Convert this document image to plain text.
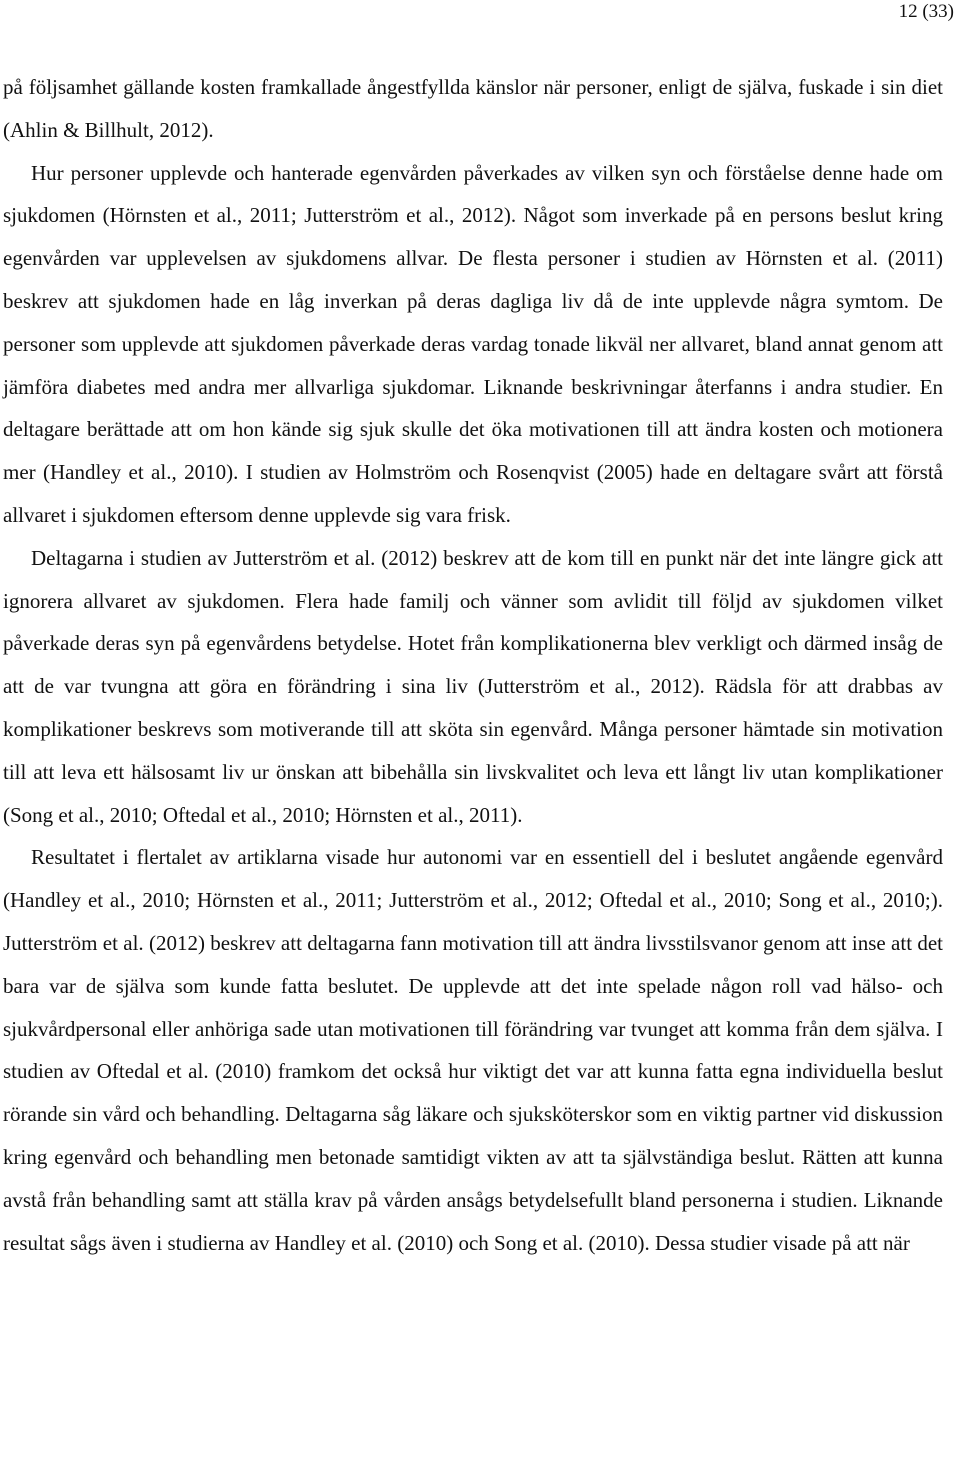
12 (33)

på följsamhet gällande kosten framkallade ångestfyllda känslor när personer, enligt de själva, fuskade i sin diet (Ahlin & Billhult, 2012).

Hur personer upplevde och hanterade egenvården påverkades av vilken syn och förståelse denne hade om sjukdomen (Hörnsten et al., 2011; Jutterström et al., 2012). Något som inverkade på en persons beslut kring egenvården var upplevelsen av sjukdomens allvar. De flesta personer i studien av Hörnsten et al. (2011) beskrev att sjukdomen hade en låg inverkan på deras dagliga liv då de inte upplevde några symtom. De personer som upplevde att sjukdomen påverkade deras vardag tonade likväl ner allvaret, bland annat genom att jämföra diabetes med andra mer allvarliga sjukdomar. Liknande beskrivningar återfanns i andra studier. En deltagare berättade att om hon kände sig sjuk skulle det öka motivationen till att ändra kosten och motionera mer (Handley et al., 2010). I studien av Holmström och Rosenqvist (2005) hade en deltagare svårt att förstå allvaret i sjukdomen eftersom denne upplevde sig vara frisk.

Deltagarna i studien av Jutterström et al. (2012) beskrev att de kom till en punkt när det inte längre gick att ignorera allvaret av sjukdomen. Flera hade familj och vänner som avlidit till följd av sjukdomen vilket påverkade deras syn på egenvårdens betydelse. Hotet från komplikationerna blev verkligt och därmed insåg de att de var tvungna att göra en förändring i sina liv (Jutterström et al., 2012). Rädsla för att drabbas av komplikationer beskrevs som motiverande till att sköta sin egenvård. Många personer hämtade sin motivation till att leva ett hälsosamt liv ur önskan att bibehålla sin livskvalitet och leva ett långt liv utan komplikationer (Song et al., 2010; Oftedal et al., 2010; Hörnsten et al., 2011).

Resultatet i flertalet av artiklarna visade hur autonomi var en essentiell del i beslutet angående egenvård (Handley et al., 2010; Hörnsten et al., 2011; Jutterström et al., 2012; Oftedal et al., 2010; Song et al., 2010;). Jutterström et al. (2012) beskrev att deltagarna fann motivation till att ändra livsstilsvanor genom att inse att det bara var de själva som kunde fatta beslutet. De upplevde att det inte spelade någon roll vad hälso- och sjukvårdpersonal eller anhöriga sade utan motivationen till förändring var tvunget att komma från dem själva. I studien av Oftedal et al. (2010) framkom det också hur viktigt det var att kunna fatta egna individuella beslut rörande sin vård och behandling. Deltagarna såg läkare och sjuksköterskor som en viktig partner vid diskussion kring egenvård och behandling men betonade samtidigt vikten av att ta självständiga beslut. Rätten att kunna avstå från behandling samt att ställa krav på vården ansågs betydelsefullt bland personerna i studien. Liknande resultat sågs även i studierna av Handley et al. (2010) och Song et al. (2010). Dessa studier visade på att när
